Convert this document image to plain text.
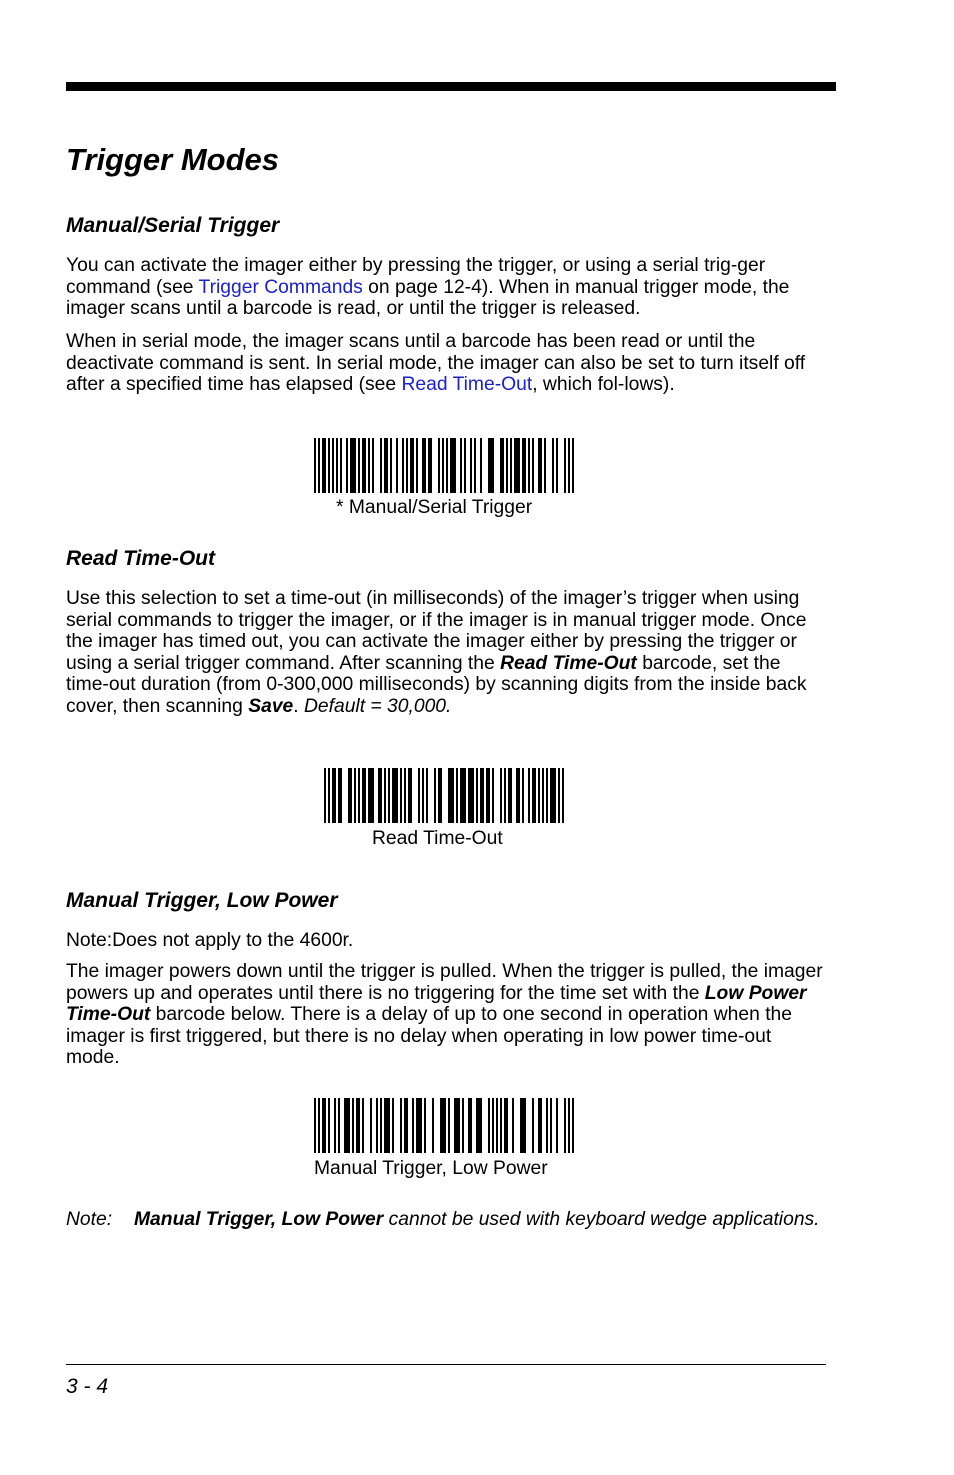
Trigger Modes
Manual/Serial Trigger

You can activate the imager either by pressing the trigger, or using a serial trig-ger command (see Trigger Commands on page 12-4). When in manual trigger mode, the imager scans until a barcode is read, or until the trigger is released.

When in serial mode, the imager scans until a barcode has been read or until the deactivate command is sent. In serial mode, the imager can also be set to turn itself off after a specified time has elapsed (see Read Time-Out, which fol-lows).

* Manual/Serial Trigger

Read Time-Out

Use this selection to set a time-out (in milliseconds) of the imager’s trigger when using serial commands to trigger the imager, or if the imager is in manual trigger mode. Once the imager has timed out, you can activate the imager either by pressing the trigger or using a serial trigger command. After scanning the Read Time-Out barcode, set the time-out duration (from 0-300,000 milliseconds) by scanning digits from the inside back cover, then scanning Save. Default = 30,000.

Read Time-Out

Manual Trigger, Low Power

Note:Does not apply to the 4600r.

The imager powers down until the trigger is pulled. When the trigger is pulled, the imager powers up and operates until there is no triggering for the time set with the Low Power Time-Out barcode below. There is a delay of up to one second in operation when the imager is first triggered, but there is no delay when operating in low power time-out mode.

Manual Trigger, Low Power

Note: Manual Trigger, Low Power cannot be used with keyboard wedge applications.
3 - 4
